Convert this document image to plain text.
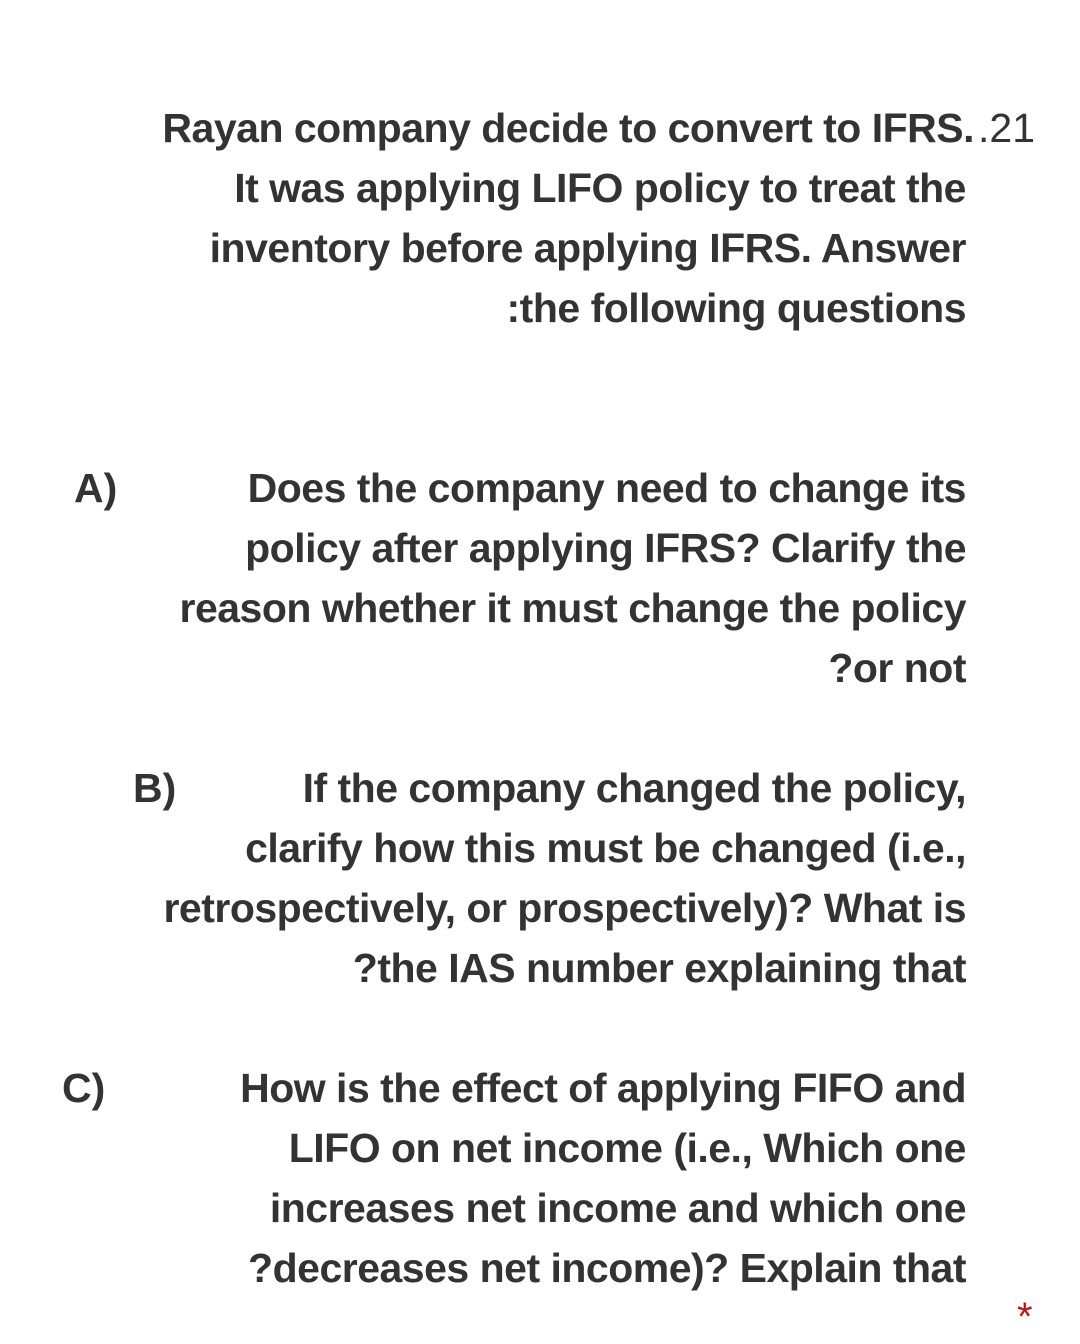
Rayan company decide to convert to IFRS. .21
It was applying LIFO policy to treat the
inventory before applying IFRS. Answer
:the following questions
A)	Does the company need to change its
policy after applying IFRS? Clarify the
reason whether it must change the policy
?or not
B)	If the company changed the policy,
clarify how this must be changed (i.e.,
retrospectively, or prospectively)? What is
?the IAS number explaining that
C)	How is the effect of applying FIFO and
LIFO on net income (i.e., Which one
increases net income and which one
?decreases net income)? Explain that
*
